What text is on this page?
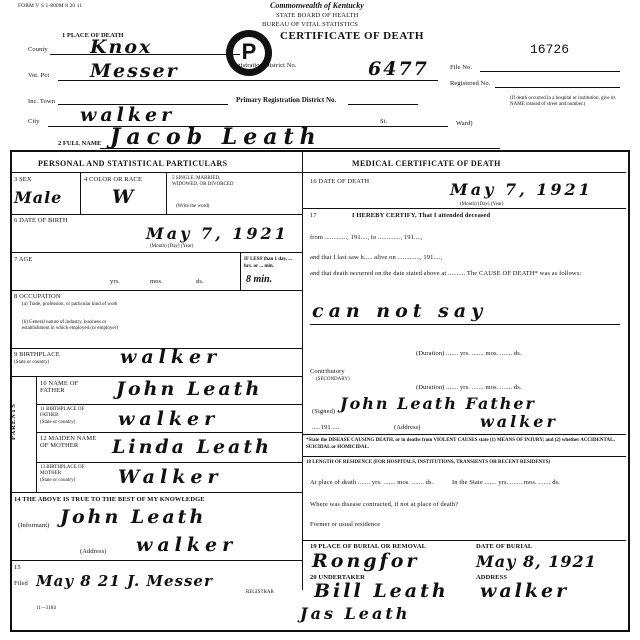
FORM V S 1-800M 8 20 11	Commonwealth of Kentucky
STATE BOARD OF HEALTH
BUREAU OF VITAL STATISTICS
CERTIFICATE OF DEATH
P	16726
File No.
Registered No.
1 PLACE OF DEATH
County Knox
Vot. Pct Messer	Registration District No.	6477
Inc. Town	Primary Registration District No.
City walker	St.	Ward)
(If death occurred in a hospital or institution, give its NAME instead of street and number.)
2 FULL NAME Jacob Leath
PERSONAL AND STATISTICAL PARTICULARS
3 SEX
Male
4 COLOR OR RACE
W
5 SINGLE, MARRIED, WIDOWED, OR DIVORCED
(Write the word)
6 DATE OF BIRTH
May 7, 1921
(Month) (Day) (Year)
7 AGE
yrs.	mos.	ds.
IF LESS than 1 day, ... hrs. or ... min.
8 min.
8 OCCUPATION
(a) Trade, profession, or particular kind of work
(b) General nature of industry, business or establishment in which employed (or employer)
9 BIRTHPLACE
(State or country)	walker
PARENTS
10 NAME OF FATHER	John Leath
11 BIRTHPLACE OF FATHER
(State or country) walker
12 MAIDEN NAME OF MOTHER	Linda Leath
13 BIRTHPLACE OF MOTHER
(State or country) Walker
14 THE ABOVE IS TRUE TO THE BEST OF MY KNOWLEDGE
(Informant) John Leath
(Address) walker
15
Filed May 8 21 J. Messer
REGISTRAR
11—3184
MEDICAL CERTIFICATE OF DEATH
16 DATE OF DEATH	May 7, 1921
(Month) (Day) (Year)
17	I HEREBY CERTIFY, That I attended deceased
from ............., 191...., to ............., 191....,
and that I last saw h..... alive on ............., 191....,
and that death occurred on the date stated above at .......... The CAUSE OF DEATH* was as follows:
can not say
(Duration) ....... yrs. ....... mos. ....... ds.
Contributory
(SECONDARY)
(Duration) ....... yrs. ....... mos. ....... ds.
(Signed) John Leath Father
.....191.....	(Address)	walker
*State the DISEASE CAUSING DEATH, or in deaths from VIOLENT CAUSES state (1) MEANS OF INJURY; and (2) whether ACCIDENTAL, SUICIDAL or HOMICIDAL.
18 LENGTH OF RESIDENCE (FOR HOSPITALS, INSTITUTIONS, TRANSIENTS OR RECENT RESIDENTS)
At place of death ....... yrs. ....... mos. ....... ds.	In the State ....... yrs. ....... mos. ....... ds.
Where was disease contracted, if not at place of death?
Former or usual residence
19 PLACE OF BURIAL OR REMOVAL
Rongfor
DATE OF BURIAL
May 8, 1921
20 UNDERTAKER	ADDRESS
Bill Leath walker
Jas Leath
